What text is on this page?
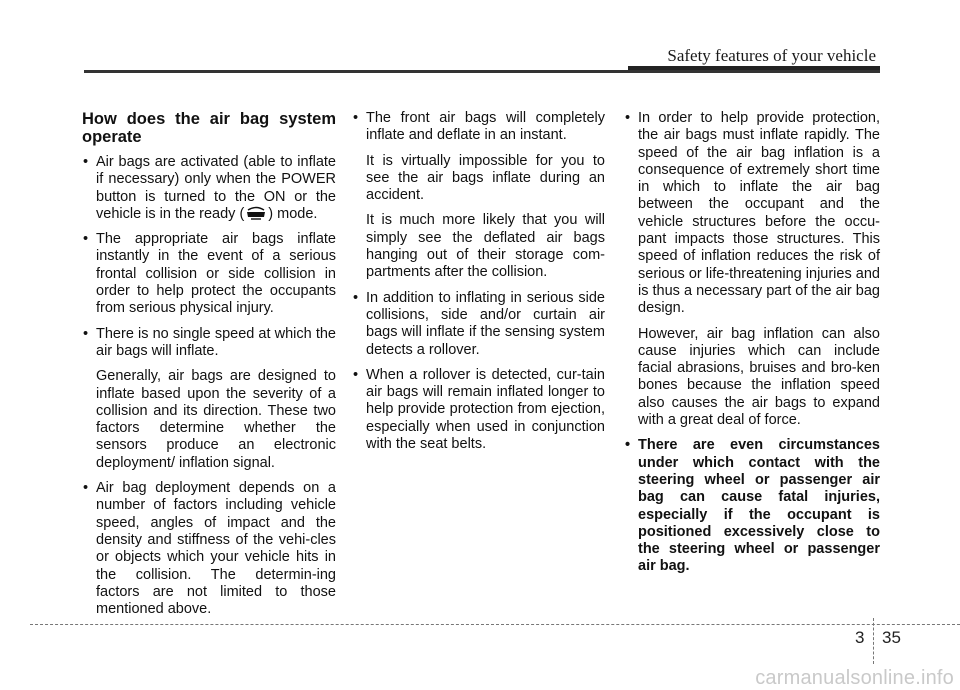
Safety features of your vehicle
How does the air bag system operate
• Air bags are activated (able to inflate if necessary) only when the POWER button is turned to the ON or the vehicle is in the ready ( ) mode.
• The appropriate air bags inflate instantly in the event of a serious frontal collision or side collision in order to help protect the occupants from serious physical injury.
• There is no single speed at which the air bags will inflate.
Generally, air bags are designed to inflate based upon the severity of a collision and its direction. These two factors determine whether the sensors produce an electronic deployment/ inflation signal.
• Air bag deployment depends on a number of factors including vehicle speed, angles of impact and the density and stiffness of the vehi-cles or objects which your vehicle hits in the collision. The determin-ing factors are not limited to those mentioned above.
• The front air bags will completely inflate and deflate in an instant.
It is virtually impossible for you to see the air bags inflate during an accident.
It is much more likely that you will simply see the deflated air bags hanging out of their storage com-partments after the collision.
• In addition to inflating in serious side collisions, side and/or curtain air bags will inflate if the sensing system detects a rollover.
• When a rollover is detected, cur-tain air bags will remain inflated longer to help provide protection from ejection, especially when used in conjunction with the seat belts.
• In order to help provide protection, the air bags must inflate rapidly. The speed of the air bag inflation is a consequence of extremely short time in which to inflate the air bag between the occupant and the vehicle structures before the occu-pant impacts those structures. This speed of inflation reduces the risk of serious or life-threatening injuries and is thus a necessary part of the air bag design.
However, air bag inflation can also cause injuries which can include facial abrasions, bruises and bro-ken bones because the inflation speed also causes the air bags to expand with a great deal of force.
• There are even circumstances under which contact with the steering wheel or passenger air bag can cause fatal injuries, especially if the occupant is positioned excessively close to the steering wheel or passenger air bag.
3 35
carmanualsonline.info
